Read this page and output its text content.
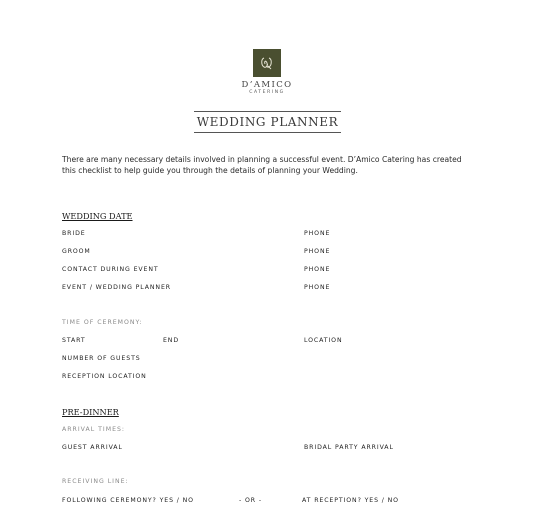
D’AMICO
CATERING
WEDDING PLANNER
There are many necessary details involved in planning a successful event. D’Amico Catering has created this checklist to help guide you through the details of planning your Wedding.
WEDDING DATE
BRIDE	PHONE
GROOM	PHONE
CONTACT DURING EVENT	PHONE
EVENT / WEDDING PLANNER	PHONE
TIME OF CEREMONY:
START	END	LOCATION
NUMBER OF GUESTS
RECEPTION LOCATION
PRE-DINNER
ARRIVAL TIMES:
GUEST ARRIVAL	BRIDAL PARTY ARRIVAL
RECEIVING LINE:
FOLLOWING CEREMONY? YES / NO	- OR -	AT RECEPTION? YES / NO
